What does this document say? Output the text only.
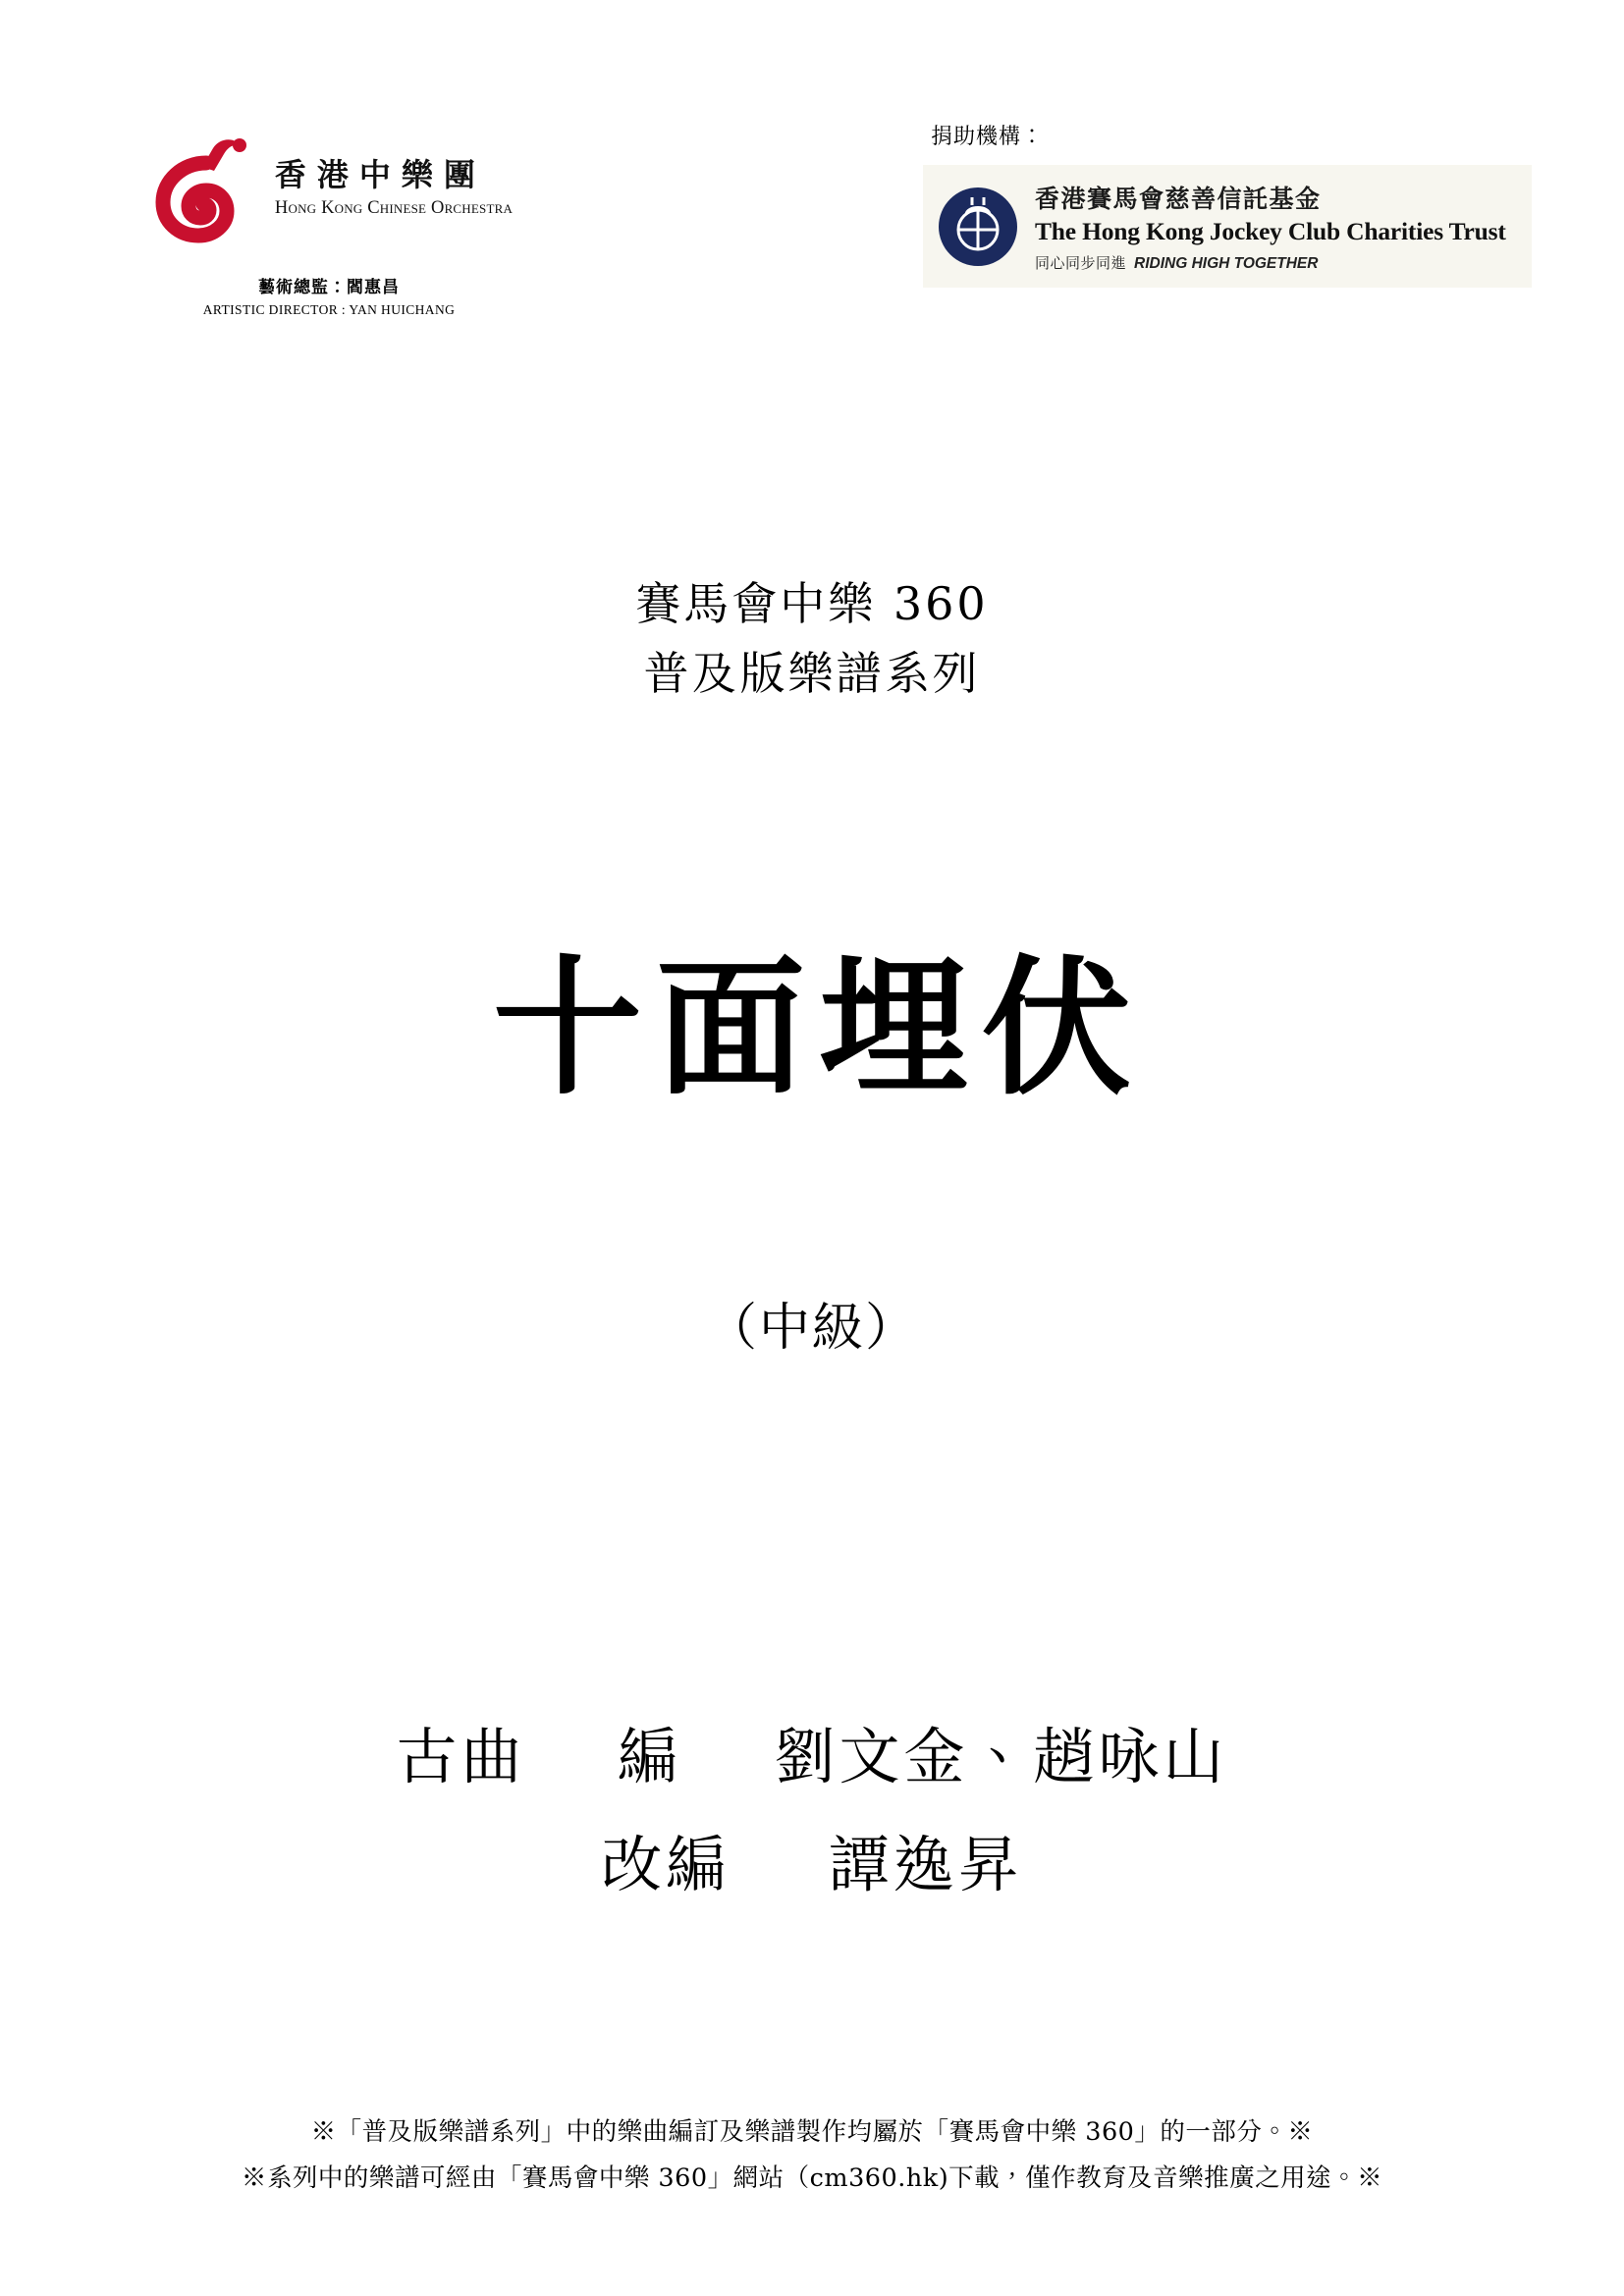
香港中樂團
Hong Kong Chinese Orchestra
藝術總監：閻惠昌
ARTISTIC DIRECTOR : YAN HUICHANG
捐助機構：
香港賽馬會慈善信託基金
The Hong Kong Jockey Club Charities Trust
同心同步同進 RIDING HIGH TOGETHER
賽馬會中樂 360
普及版樂譜系列
十面埋伏
（中級）
古曲 編 劉文金、趙咏山
改編 譚逸昇
※「普及版樂譜系列」中的樂曲編訂及樂譜製作均屬於「賽馬會中樂 360」的一部分。※
※系列中的樂譜可經由「賽馬會中樂 360」網站（cm360.hk)下載，僅作教育及音樂推廣之用途。※
